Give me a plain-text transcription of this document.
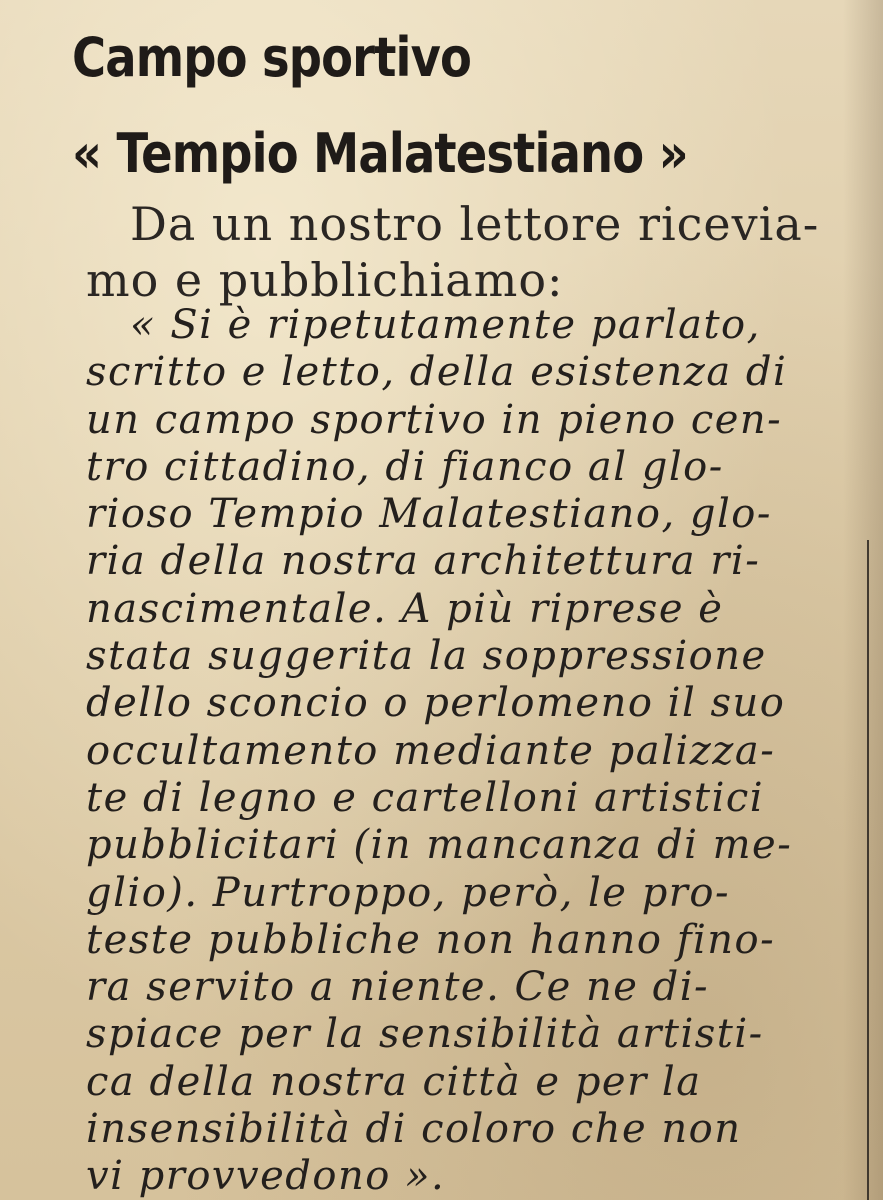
Campo sportivo
« Tempio Malatestiano »

Da un nostro lettore ricevia-
mo e pubblichiamo:

« Si è ripetutamente parlato,
scritto e letto, della esistenza di
un campo sportivo in pieno cen-
tro cittadino, di fianco al glo-
rioso Tempio Malatestiano, glo-
ria della nostra architettura ri-
nascimentale. A più riprese è
stata suggerita la soppressione
dello sconcio o perlomeno il suo
occultamento mediante palizza-
te di legno e cartelloni artistici
pubblicitari (in mancanza di me-
glio). Purtroppo, però, le pro-
teste pubbliche non hanno fino-
ra servito a niente. Ce ne di-
spiace per la sensibilità artisti-
ca della nostra città e per la
insensibilità di coloro che non
vi provvedono ».
